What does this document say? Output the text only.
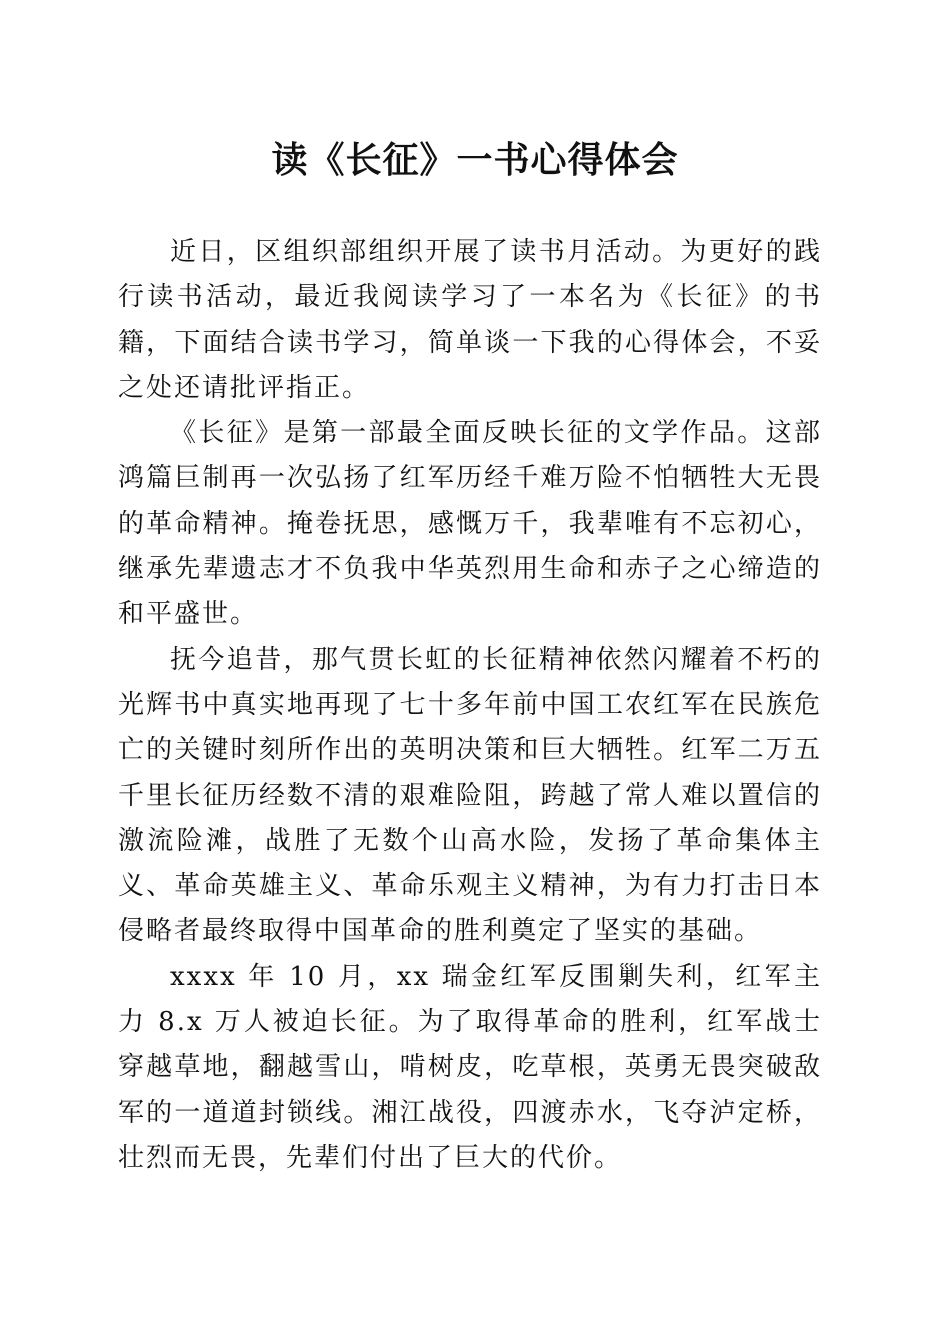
读《长征》一书心得体会

近日，区组织部组织开展了读书月活动。为更好的践行读书活动，最近我阅读学习了一本名为《长征》的书籍，下面结合读书学习，简单谈一下我的心得体会，不妥之处还请批评指正。

《长征》是第一部最全面反映长征的文学作品。这部鸿篇巨制再一次弘扬了红军历经千难万险不怕牺牲大无畏的革命精神。掩卷抚思，感慨万千，我辈唯有不忘初心，继承先辈遗志才不负我中华英烈用生命和赤子之心缔造的和平盛世。

抚今追昔，那气贯长虹的长征精神依然闪耀着不朽的光辉书中真实地再现了七十多年前中国工农红军在民族危亡的关键时刻所作出的英明决策和巨大牺牲。红军二万五千里长征历经数不清的艰难险阻，跨越了常人难以置信的激流险滩，战胜了无数个山高水险，发扬了革命集体主义、革命英雄主义、革命乐观主义精神，为有力打击日本侵略者最终取得中国革命的胜利奠定了坚实的基础。

xxxx 年 10 月，xx 瑞金红军反围剿失利，红军主力 8.x 万人被迫长征。为了取得革命的胜利，红军战士穿越草地，翻越雪山，啃树皮，吃草根，英勇无畏突破敌军的一道道封锁线。湘江战役，四渡赤水，飞夺泸定桥，壮烈而无畏，先辈们付出了巨大的代价。
